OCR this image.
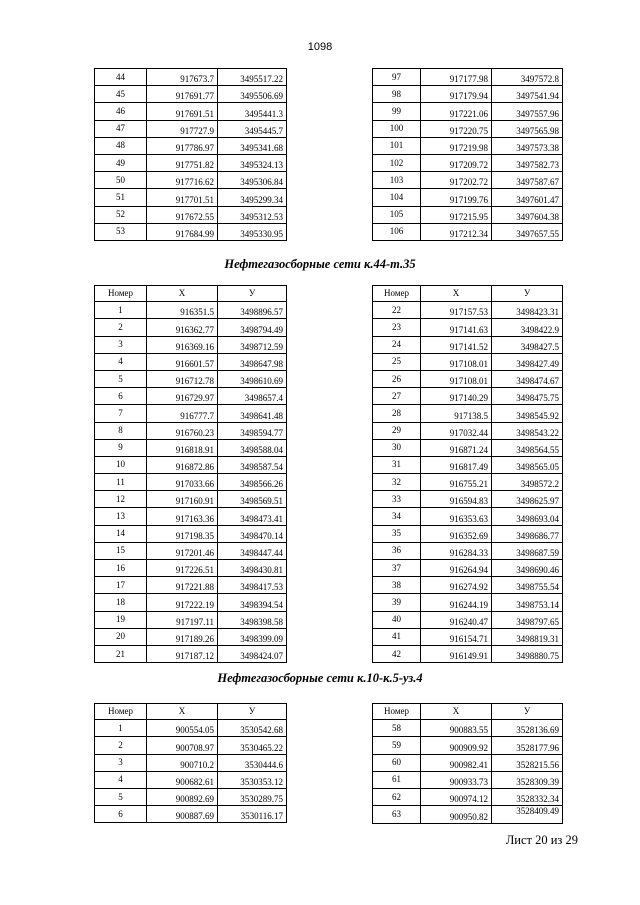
1098
44	917673.7	3495517.22
45	917691.77	3495506.69
46	917691.51	3495441.3
47	917727.9	3495445.7
48	917786.97	3495341.68
49	917751.82	3495324.13
50	917716.62	3495306.84
51	917701.51	3495299.34
52	917672.55	3495312.53
53	917684.99	3495330.95
97	917177.98	3497572.8
98	917179.94	3497541.94
99	917221.06	3497557.96
100	917220.75	3497565.98
101	917219.98	3497573.38
102	917209.72	3497582.73
103	917202.72	3497587.67
104	917199.76	3497601.47
105	917215.95	3497604.38
106	917212.34	3497657.55
Нефтегазосборные сети к.44-т.35
Номер	X	У
1	916351.5	3498896.57
2	916362.77	3498794.49
3	916369.16	3498712.59
4	916601.57	3498647.98
5	916712.78	3498610.69
6	916729.97	3498657.4
7	916777.7	3498641.48
8	916760.23	3498594.77
9	916818.91	3498588.04
10	916872.86	3498587.54
11	917033.66	3498566.26
12	917160.91	3498569.51
13	917163.36	3498473.41
14	917198.35	3498470.14
15	917201.46	3498447.44
16	917226.51	3498430.81
17	917221.88	3498417.53
18	917222.19	3498394.54
19	917197.11	3498398.58
20	917189.26	3498399.09
21	917187.12	3498424.07
Номер	X	У
22	917157.53	3498423.31
23	917141.63	3498422.9
24	917141.52	3498427.5
25	917108.01	3498427.49
26	917108.01	3498474.67
27	917140.29	3498475.75
28	917138.5	3498545.92
29	917032.44	3498543.22
30	916871.24	3498564.55
31	916817.49	3498565.05
32	916755.21	3498572.2
33	916594.83	3498625.97
34	916353.63	3498693.04
35	916352.69	3498686.77
36	916284.33	3498687.59
37	916264.94	3498690.46
38	916274.92	3498755.54
39	916244.19	3498753.14
40	916240.47	3498797.65
41	916154.71	3498819.31
42	916149.91	3498880.75
Нефтегазосборные сети к.10-к.5-уз.4
Номер	X	У
1	900554.05	3530542.68
2	900708.97	3530465.22
3	900710.2	3530444.6
4	900682.61	3530353.12
5	900892.69	3530289.75
6	900887.69	3530116.17
Номер	X	У
58	900883.55	3528136.69
59	900909.92	3528177.96
60	900982.41	3528215.56
61	900933.73	3528309.39
62	900974.12	3528332.34
63	900950.82	3528409.49
Лист 20 из 29
